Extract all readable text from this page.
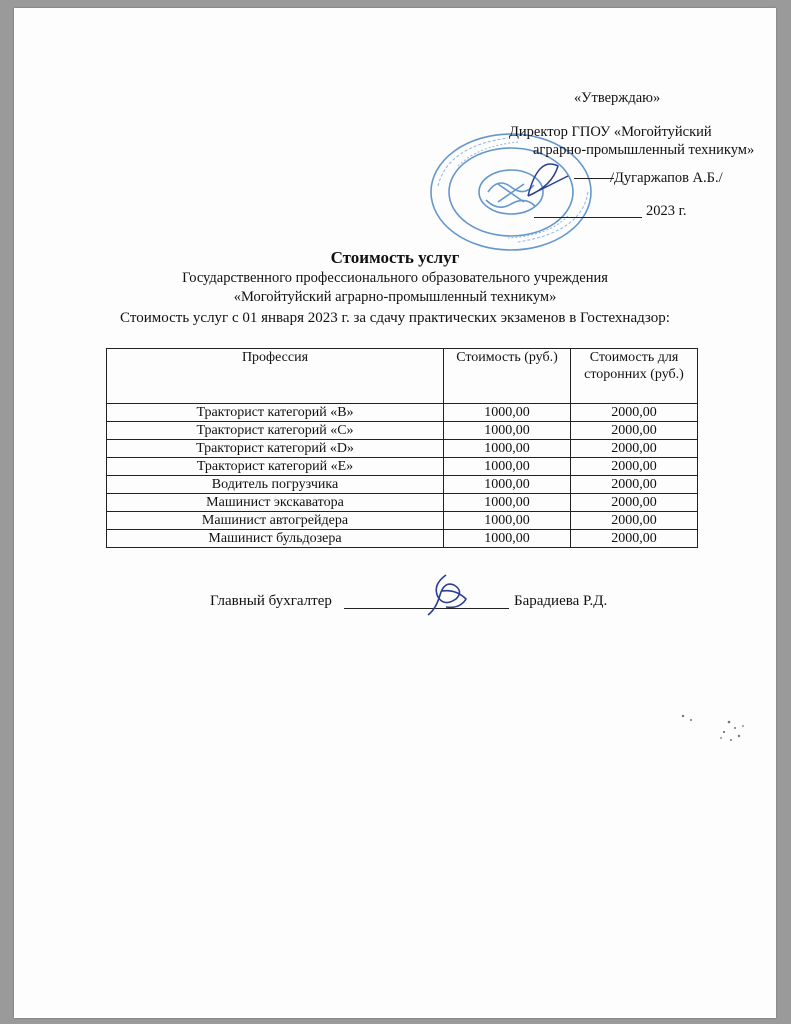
«Утверждаю»
Директор ГПОУ «Могойтуйский
аграрно-промышленный техникум»
/Дугаржапов А.Б./
2023 г.
Стоимость услуг
Государственного профессионального образовательного учреждения
«Могойтуйский аграрно-промышленный техникум»
Стоимость услуг с 01 января 2023 г. за сдачу практических экзаменов в Гостехнадзор:
Профессия	Стоимость (руб.)	Стоимость для сторонних (руб.)
Тракторист категорий «В»	1000,00	2000,00
Тракторист категорий «С»	1000,00	2000,00
Тракторист категорий «D»	1000,00	2000,00
Тракторист категорий «Е»	1000,00	2000,00
Водитель погрузчика	1000,00	2000,00
Машинист экскаватора	1000,00	2000,00
Машинист автогрейдера	1000,00	2000,00
Машинист бульдозера	1000,00	2000,00
Главный бухгалтер	Барадиева Р.Д.
